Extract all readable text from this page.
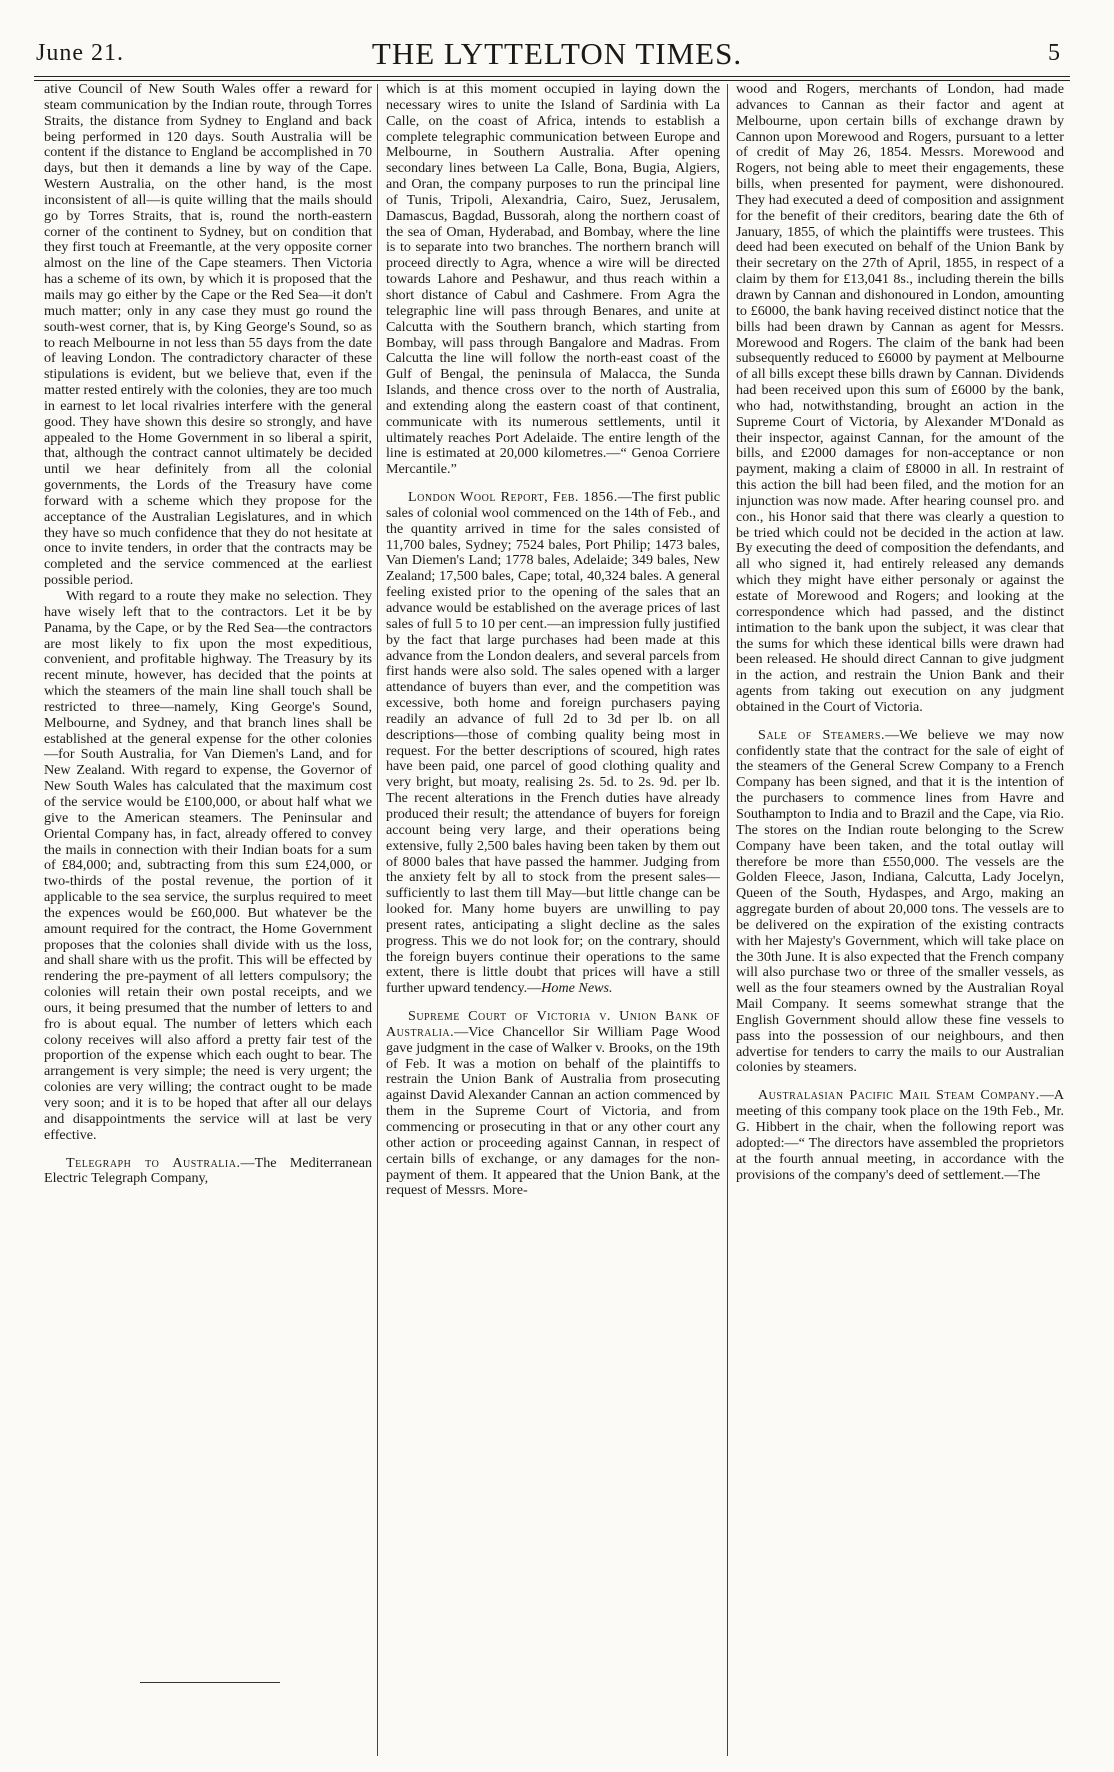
June 21.	THE LYTTELTON TIMES.	5

ative Council of New South Wales offer a reward for steam communication by the Indian route, through Torres Straits, the distance from Sydney to England and back being performed in 120 days. South Australia will be content if the distance to England be accomplished in 70 days, but then it demands a line by way of the Cape. Western Australia, on the other hand, is the most inconsistent of all—is quite willing that the mails should go by Torres Straits, that is, round the north-eastern corner of the continent to Sydney, but on condition that they first touch at Freemantle, at the very opposite corner almost on the line of the Cape steamers. Then Victoria has a scheme of its own, by which it is proposed that the mails may go either by the Cape or the Red Sea—it don't much matter; only in any case they must go round the south-west corner, that is, by King George's Sound, so as to reach Melbourne in not less than 55 days from the date of leaving London. The contradictory character of these stipulations is evident, but we believe that, even if the matter rested entirely with the colonies, they are too much in earnest to let local rivalries interfere with the general good. They have shown this desire so strongly, and have appealed to the Home Government in so liberal a spirit, that, although the contract cannot ultimately be decided until we hear definitely from all the colonial governments, the Lords of the Treasury have come forward with a scheme which they propose for the acceptance of the Australian Legislatures, and in which they have so much confidence that they do not hesitate at once to invite tenders, in order that the contracts may be completed and the service commenced at the earliest possible period.

With regard to a route they make no selection. They have wisely left that to the contractors. Let it be by Panama, by the Cape, or by the Red Sea—the contractors are most likely to fix upon the most expeditious, convenient, and profitable highway. The Treasury by its recent minute, however, has decided that the points at which the steamers of the main line shall touch shall be restricted to three—namely, King George's Sound, Melbourne, and Sydney, and that branch lines shall be established at the general expense for the other colonies—for South Australia, for Van Diemen's Land, and for New Zealand. With regard to expense, the Governor of New South Wales has calculated that the maximum cost of the service would be £100,000, or about half what we give to the American steamers. The Peninsular and Oriental Company has, in fact, already offered to convey the mails in connection with their Indian boats for a sum of £84,000; and, subtracting from this sum £24,000, or two-thirds of the postal revenue, the portion of it applicable to the sea service, the surplus required to meet the expences would be £60,000. But whatever be the amount required for the contract, the Home Government proposes that the colonies shall divide with us the loss, and shall share with us the profit. This will be effected by rendering the pre-payment of all letters compulsory; the colonies will retain their own postal receipts, and we ours, it being presumed that the number of letters to and fro is about equal. The number of letters which each colony receives will also afford a pretty fair test of the proportion of the expense which each ought to bear. The arrangement is very simple; the need is very urgent; the colonies are very willing; the contract ought to be made very soon; and it is to be hoped that after all our delays and disappointments the service will at last be very effective.

Telegraph to Australia.—The Mediterranean Electric Telegraph Company,

which is at this moment occupied in laying down the necessary wires to unite the Island of Sardinia with La Calle, on the coast of Africa, intends to establish a complete telegraphic communication between Europe and Melbourne, in Southern Australia. After opening secondary lines between La Calle, Bona, Bugia, Algiers, and Oran, the company purposes to run the principal line of Tunis, Tripoli, Alexandria, Cairo, Suez, Jerusalem, Damascus, Bagdad, Bussorah, along the northern coast of the sea of Oman, Hyderabad, and Bombay, where the line is to separate into two branches. The northern branch will proceed directly to Agra, whence a wire will be directed towards Lahore and Peshawur, and thus reach within a short distance of Cabul and Cashmere. From Agra the telegraphic line will pass through Benares, and unite at Calcutta with the Southern branch, which starting from Bombay, will pass through Bangalore and Madras. From Calcutta the line will follow the north-east coast of the Gulf of Bengal, the peninsula of Malacca, the Sunda Islands, and thence cross over to the north of Australia, and extending along the eastern coast of that continent, communicate with its numerous settlements, until it ultimately reaches Port Adelaide. The entire length of the line is estimated at 20,000 kilometres.—“ Genoa Corriere Mercantile.”

London Wool Report, Feb. 1856.—The first public sales of colonial wool commenced on the 14th of Feb., and the quantity arrived in time for the sales consisted of 11,700 bales, Sydney; 7524 bales, Port Philip; 1473 bales, Van Diemen's Land; 1778 bales, Adelaide; 349 bales, New Zealand; 17,500 bales, Cape; total, 40,324 bales. A general feeling existed prior to the opening of the sales that an advance would be established on the average prices of last sales of full 5 to 10 per cent.—an impression fully justified by the fact that large purchases had been made at this advance from the London dealers, and several parcels from first hands were also sold. The sales opened with a larger attendance of buyers than ever, and the competition was excessive, both home and foreign purchasers paying readily an advance of full 2d to 3d per lb. on all descriptions—those of combing quality being most in request. For the better descriptions of scoured, high rates have been paid, one parcel of good clothing quality and very bright, but moaty, realising 2s. 5d. to 2s. 9d. per lb. The recent alterations in the French duties have already produced their result; the attendance of buyers for foreign account being very large, and their operations being extensive, fully 2,500 bales having been taken by them out of 8000 bales that have passed the hammer. Judging from the anxiety felt by all to stock from the present sales—sufficiently to last them till May—but little change can be looked for. Many home buyers are unwilling to pay present rates, anticipating a slight decline as the sales progress. This we do not look for; on the contrary, should the foreign buyers continue their operations to the same extent, there is little doubt that prices will have a still further upward tendency.—Home News.

Supreme Court of Victoria v. Union Bank of Australia.—Vice Chancellor Sir William Page Wood gave judgment in the case of Walker v. Brooks, on the 19th of Feb. It was a motion on behalf of the plaintiffs to restrain the Union Bank of Australia from prosecuting against David Alexander Cannan an action commenced by them in the Supreme Court of Victoria, and from commencing or prosecuting in that or any other court any other action or proceeding against Cannan, in respect of certain bills of exchange, or any damages for the non-payment of them. It appeared that the Union Bank, at the request of Messrs. More-

wood and Rogers, merchants of London, had made advances to Cannan as their factor and agent at Melbourne, upon certain bills of exchange drawn by Cannon upon Morewood and Rogers, pursuant to a letter of credit of May 26, 1854. Messrs. Morewood and Rogers, not being able to meet their engagements, these bills, when presented for payment, were dishonoured. They had executed a deed of composition and assignment for the benefit of their creditors, bearing date the 6th of January, 1855, of which the plaintiffs were trustees. This deed had been executed on behalf of the Union Bank by their secretary on the 27th of April, 1855, in respect of a claim by them for £13,041 8s., including therein the bills drawn by Cannan and dishonoured in London, amounting to £6000, the bank having received distinct notice that the bills had been drawn by Cannan as agent for Messrs. Morewood and Rogers. The claim of the bank had been subsequently reduced to £6000 by payment at Melbourne of all bills except these bills drawn by Cannan. Dividends had been received upon this sum of £6000 by the bank, who had, notwithstanding, brought an action in the Supreme Court of Victoria, by Alexander M'Donald as their inspector, against Cannan, for the amount of the bills, and £2000 damages for non-acceptance or non payment, making a claim of £8000 in all. In restraint of this action the bill had been filed, and the motion for an injunction was now made. After hearing counsel pro. and con., his Honor said that there was clearly a question to be tried which could not be decided in the action at law. By executing the deed of composition the defendants, and all who signed it, had entirely released any demands which they might have either personaly or against the estate of Morewood and Rogers; and looking at the correspondence which had passed, and the distinct intimation to the bank upon the subject, it was clear that the sums for which these identical bills were drawn had been released. He should direct Cannan to give judgment in the action, and restrain the Union Bank and their agents from taking out execution on any judgment obtained in the Court of Victoria.

Sale of Steamers.—We believe we may now confidently state that the contract for the sale of eight of the steamers of the General Screw Company to a French Company has been signed, and that it is the intention of the purchasers to commence lines from Havre and Southampton to India and to Brazil and the Cape, via Rio. The stores on the Indian route belonging to the Screw Company have been taken, and the total outlay will therefore be more than £550,000. The vessels are the Golden Fleece, Jason, Indiana, Calcutta, Lady Jocelyn, Queen of the South, Hydaspes, and Argo, making an aggregate burden of about 20,000 tons. The vessels are to be delivered on the expiration of the existing contracts with her Majesty's Government, which will take place on the 30th June. It is also expected that the French company will also purchase two or three of the smaller vessels, as well as the four steamers owned by the Australian Royal Mail Company. It seems somewhat strange that the English Government should allow these fine vessels to pass into the possession of our neighbours, and then advertise for tenders to carry the mails to our Australian colonies by steamers.

Australasian Pacific Mail Steam Company.—A meeting of this company took place on the 19th Feb., Mr. G. Hibbert in the chair, when the following report was adopted:—“ The directors have assembled the proprietors at the fourth annual meeting, in accordance with the provisions of the company's deed of settlement.—The
